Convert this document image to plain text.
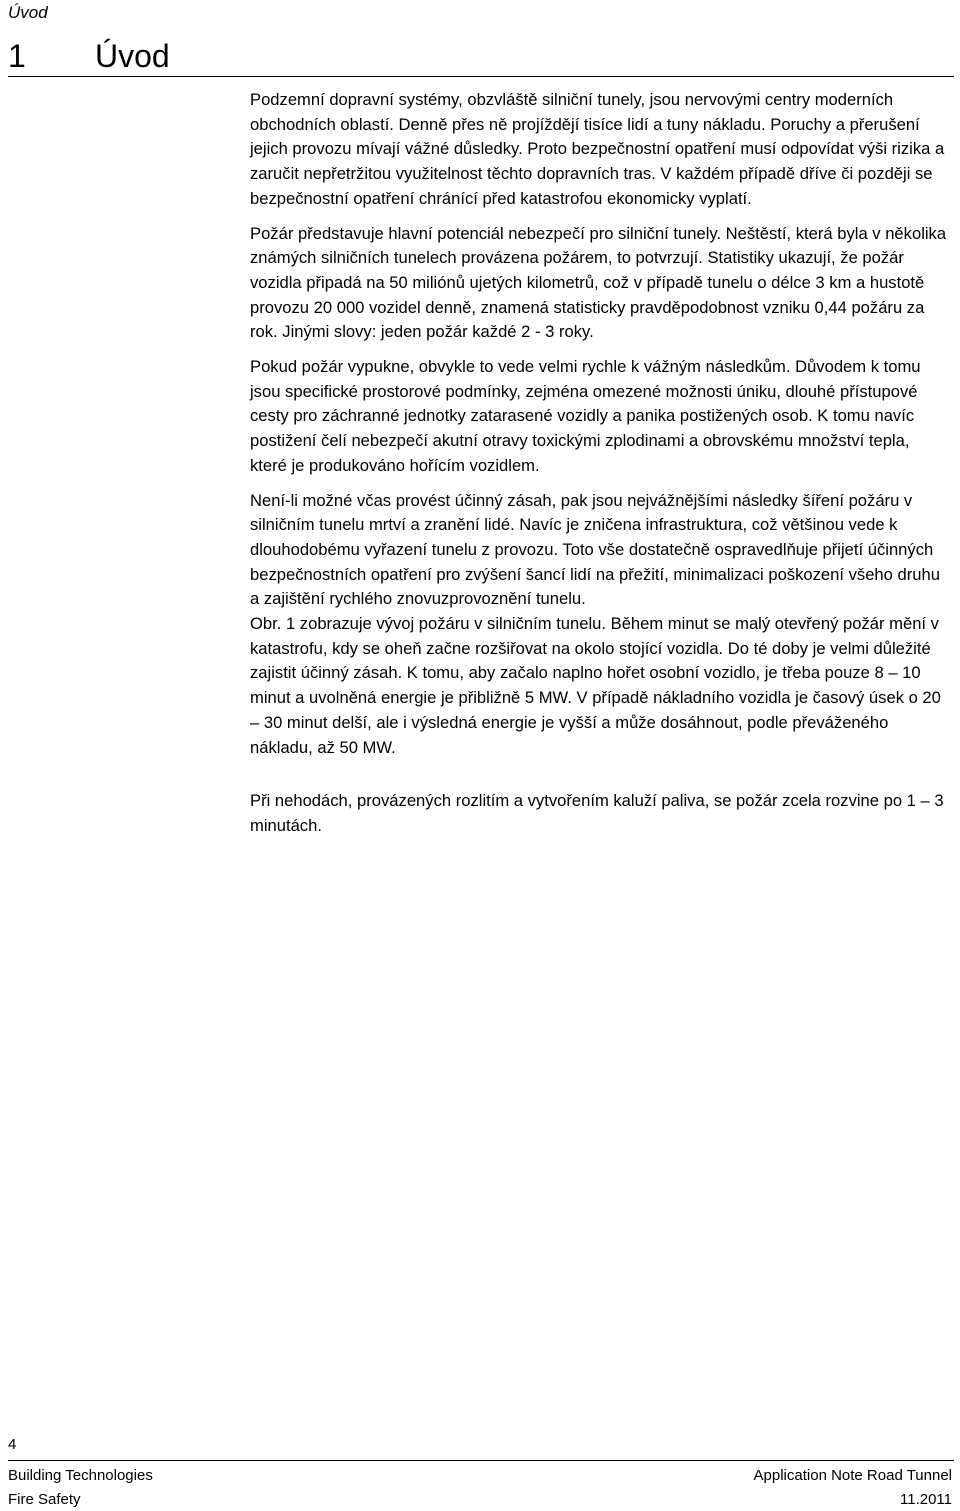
Úvod
1 Úvod

Podzemní dopravní systémy, obzvláště silniční tunely, jsou nervovými centry moderních obchodních oblastí. Denně přes ně projíždějí tisíce lidí a tuny nákladu. Poruchy a přerušení jejich provozu mívají vážné důsledky. Proto bezpečnostní opatření musí odpovídat výši rizika a zaručit nepřetržitou využitelnost těchto dopravních tras. V každém případě dříve či později se bezpečnostní opatření chránící před katastrofou ekonomicky vyplatí.

Požár představuje hlavní potenciál nebezpečí pro silniční tunely. Neštěstí, která byla v několika známých silničních tunelech provázena požárem, to potvrzují. Statistiky ukazují, že požár vozidla připadá na 50 miliónů ujetých kilometrů, což v případě tunelu o délce 3 km a hustotě provozu 20 000 vozidel denně, znamená statisticky pravděpodobnost vzniku 0,44 požáru za rok. Jinými slovy: jeden požár každé 2 - 3 roky.

Pokud požár vypukne, obvykle to vede velmi rychle k vážným následkům. Důvodem k tomu jsou specifické prostorové podmínky, zejména omezené možnosti úniku, dlouhé přístupové cesty pro záchranné jednotky zatarasené vozidly a panika postižených osob. K tomu navíc postižení čelí nebezpečí akutní otravy toxickými zplodinami a obrovskému množství tepla, které je produkováno hořícím vozidlem.

Není-li možné včas provést účinný zásah, pak jsou nejvážnějšími následky šíření požáru v silničním tunelu mrtví a zranění lidé. Navíc je zničena infrastruktura, což většinou vede k dlouhodobému vyřazení tunelu z provozu. Toto vše dostatečně ospravedlňuje přijetí účinných bezpečnostních opatření pro zvýšení šancí lidí na přežití, minimalizaci poškození všeho druhu a zajištění rychlého znovuzprovoznění tunelu.

Obr. 1 zobrazuje vývoj požáru v silničním tunelu. Během minut se malý otevřený požár mění v katastrofu, kdy se oheň začne rozšiřovat na okolo stojící vozidla. Do té doby je velmi důležité zajistit účinný zásah. K tomu, aby začalo naplno hořet osobní vozidlo, je třeba pouze 8 – 10 minut a uvolněná energie je přibližně 5 MW. V případě nákladního vozidla je časový úsek o 20 – 30 minut delší, ale i výsledná energie je vyšší a může dosáhnout, podle převáženého nákladu, až 50 MW.

Při nehodách, provázených rozlitím a vytvořením kaluží paliva, se požár zcela rozvine po 1 – 3 minutách.

4
Building Technologies
Fire Safety
Application Note Road Tunnel
11.2011
